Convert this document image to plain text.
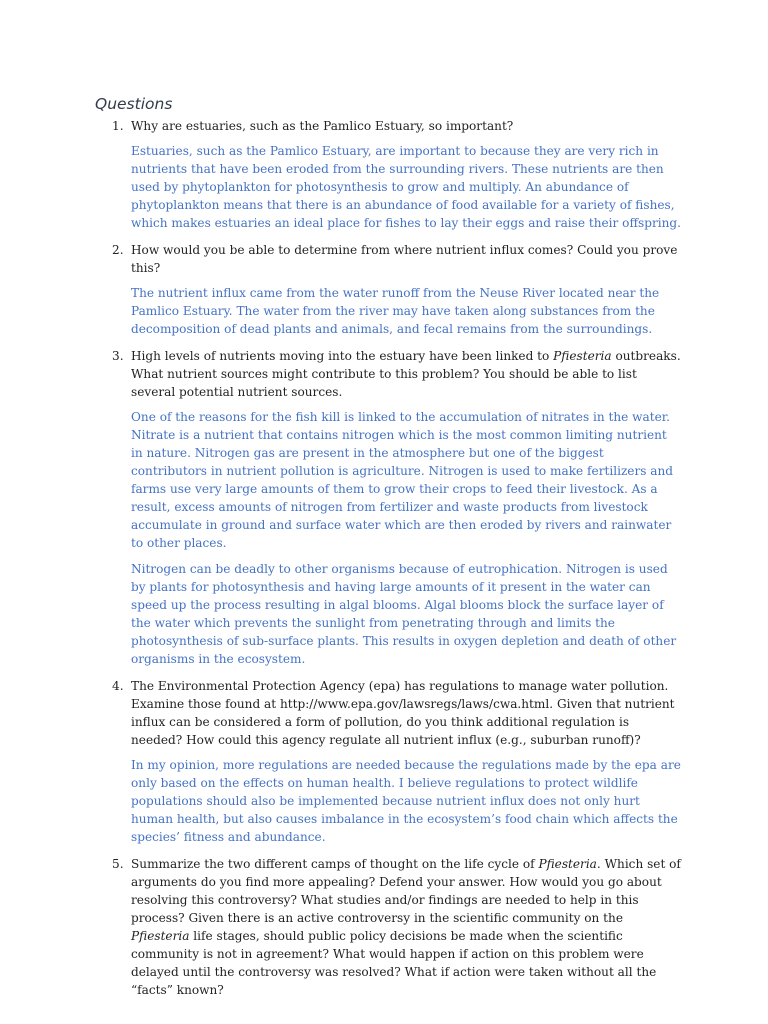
Questions
1. Why are estuaries, such as the Pamlico Estuary, so important?

Estuaries, such as the Pamlico Estuary, are important to because they are very rich in nutrients that have been eroded from the surrounding rivers. These nutrients are then used by phytoplankton for photosynthesis to grow and multiply. An abundance of phytoplankton means that there is an abundance of food available for a variety of fishes, which makes estuaries an ideal place for fishes to lay their eggs and raise their offspring.

2. How would you be able to determine from where nutrient influx comes? Could you prove this?

The nutrient influx came from the water runoff from the Neuse River located near the Pamlico Estuary. The water from the river may have taken along substances from the decomposition of dead plants and animals, and fecal remains from the surroundings.

3. High levels of nutrients moving into the estuary have been linked to Pfiesteria outbreaks. What nutrient sources might contribute to this problem? You should be able to list several potential nutrient sources.

One of the reasons for the fish kill is linked to the accumulation of nitrates in the water. Nitrate is a nutrient that contains nitrogen which is the most common limiting nutrient in nature. Nitrogen gas are present in the atmosphere but one of the biggest contributors in nutrient pollution is agriculture. Nitrogen is used to make fertilizers and farms use very large amounts of them to grow their crops to feed their livestock. As a result, excess amounts of nitrogen from fertilizer and waste products from livestock accumulate in ground and surface water which are then eroded by rivers and rainwater to other places.

Nitrogen can be deadly to other organisms because of eutrophication. Nitrogen is used by plants for photosynthesis and having large amounts of it present in the water can speed up the process resulting in algal blooms. Algal blooms block the surface layer of the water which prevents the sunlight from penetrating through and limits the photosynthesis of sub-surface plants. This results in oxygen depletion and death of other organisms in the ecosystem.

4. The Environmental Protection Agency (epa) has regulations to manage water pollution. Examine those found at http://www.epa.gov/lawsregs/laws/cwa.html. Given that nutrient influx can be considered a form of pollution, do you think additional regulation is needed? How could this agency regulate all nutrient influx (e.g., suburban runoff)?

In my opinion, more regulations are needed because the regulations made by the epa are only based on the effects on human health. I believe regulations to protect wildlife populations should also be implemented because nutrient influx does not only hurt human health, but also causes imbalance in the ecosystem’s food chain which affects the species’ fitness and abundance.

5. Summarize the two different camps of thought on the life cycle of Pfiesteria. Which set of arguments do you find more appealing? Defend your answer. How would you go about resolving this controversy? What studies and/or findings are needed to help in this process? Given there is an active controversy in the scientific community on the Pfiesteria life stages, should public policy decisions be made when the scientific community is not in agreement? What would happen if action on this problem were delayed until the controversy was resolved? What if action were taken without all the “facts” known?
